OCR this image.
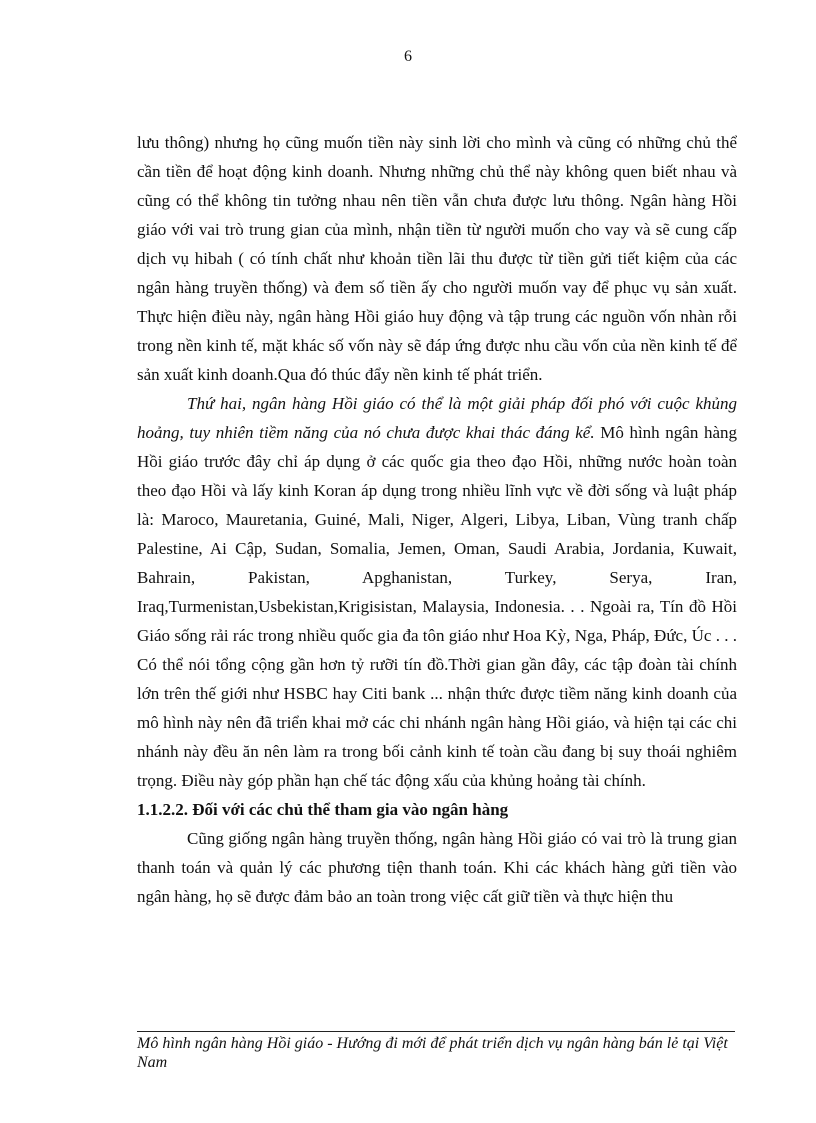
6

lưu thông) nhưng họ cũng muốn tiền này sinh lời cho mình và cũng có những chủ thể cần tiền để hoạt động kinh doanh. Nhưng những chủ thể này không quen biết nhau và cũng có thể không tin tưởng nhau nên tiền vẫn chưa được lưu thông. Ngân hàng Hồi giáo với vai trò trung gian của mình, nhận tiền từ người muốn cho vay và sẽ cung cấp dịch vụ hibah ( có tính chất như khoản tiền lãi thu được từ tiền gửi tiết kiệm của các ngân hàng truyền thống) và đem số tiền ấy cho người muốn vay để phục vụ sản xuất. Thực hiện điều này, ngân hàng Hồi giáo huy động và tập trung các nguồn vốn nhàn rỗi trong nền kinh tế, mặt khác số vốn này sẽ đáp ứng được nhu cầu vốn của nền kinh tế để sản xuất kinh doanh.Qua đó thúc đẩy nền kinh tế phát triển.

Thứ hai, ngân hàng Hồi giáo có thể là một giải pháp đối phó với cuộc khủng hoảng, tuy nhiên tiềm năng của nó chưa được khai thác đáng kể. Mô hình ngân hàng Hồi giáo trước đây chỉ áp dụng ở các quốc gia theo đạo Hồi, những nước hoàn toàn theo đạo Hồi và lấy kinh Koran áp dụng trong nhiều lĩnh vực về đời sống và luật pháp là: Maroco, Mauretania, Guiné, Mali, Niger, Algeri, Libya, Liban, Vùng tranh chấp Palestine, Ai Cập, Sudan, Somalia, Jemen, Oman, Saudi Arabia, Jordania, Kuwait, Bahrain, Pakistan, Apghanistan, Turkey, Serya, Iran, Iraq,Turmenistan,Usbekistan,Krigisistan, Malaysia, Indonesia. . . Ngoài ra, Tín đồ Hồi Giáo sống rải rác trong nhiều quốc gia đa tôn giáo như Hoa Kỳ, Nga, Pháp, Đức, Úc . . . Có thể nói tổng cộng gần hơn tỷ rưỡi tín đồ.Thời gian gần đây, các tập đoàn tài chính lớn trên thế giới như HSBC hay Citi bank ... nhận thức được tiềm năng kinh doanh của mô hình này nên đã triển khai mở các chi nhánh ngân hàng Hồi giáo, và hiện tại các chi nhánh này đều ăn nên làm ra trong bối cảnh kinh tế toàn cầu đang bị suy thoái nghiêm trọng. Điều này góp phần hạn chế tác động xấu của khủng hoảng tài chính.

1.1.2.2. Đối với các chủ thể tham gia vào ngân hàng

Cũng giống ngân hàng truyền thống, ngân hàng Hồi giáo có vai trò là trung gian thanh toán và quản lý các phương tiện thanh toán. Khi các khách hàng gửi tiền vào ngân hàng, họ sẽ được đảm bảo an toàn trong việc cất giữ tiền và thực hiện thu

Mô hình ngân hàng Hồi giáo - Hướng đi mới để phát triển dịch vụ ngân hàng bán lẻ tại Việt Nam
